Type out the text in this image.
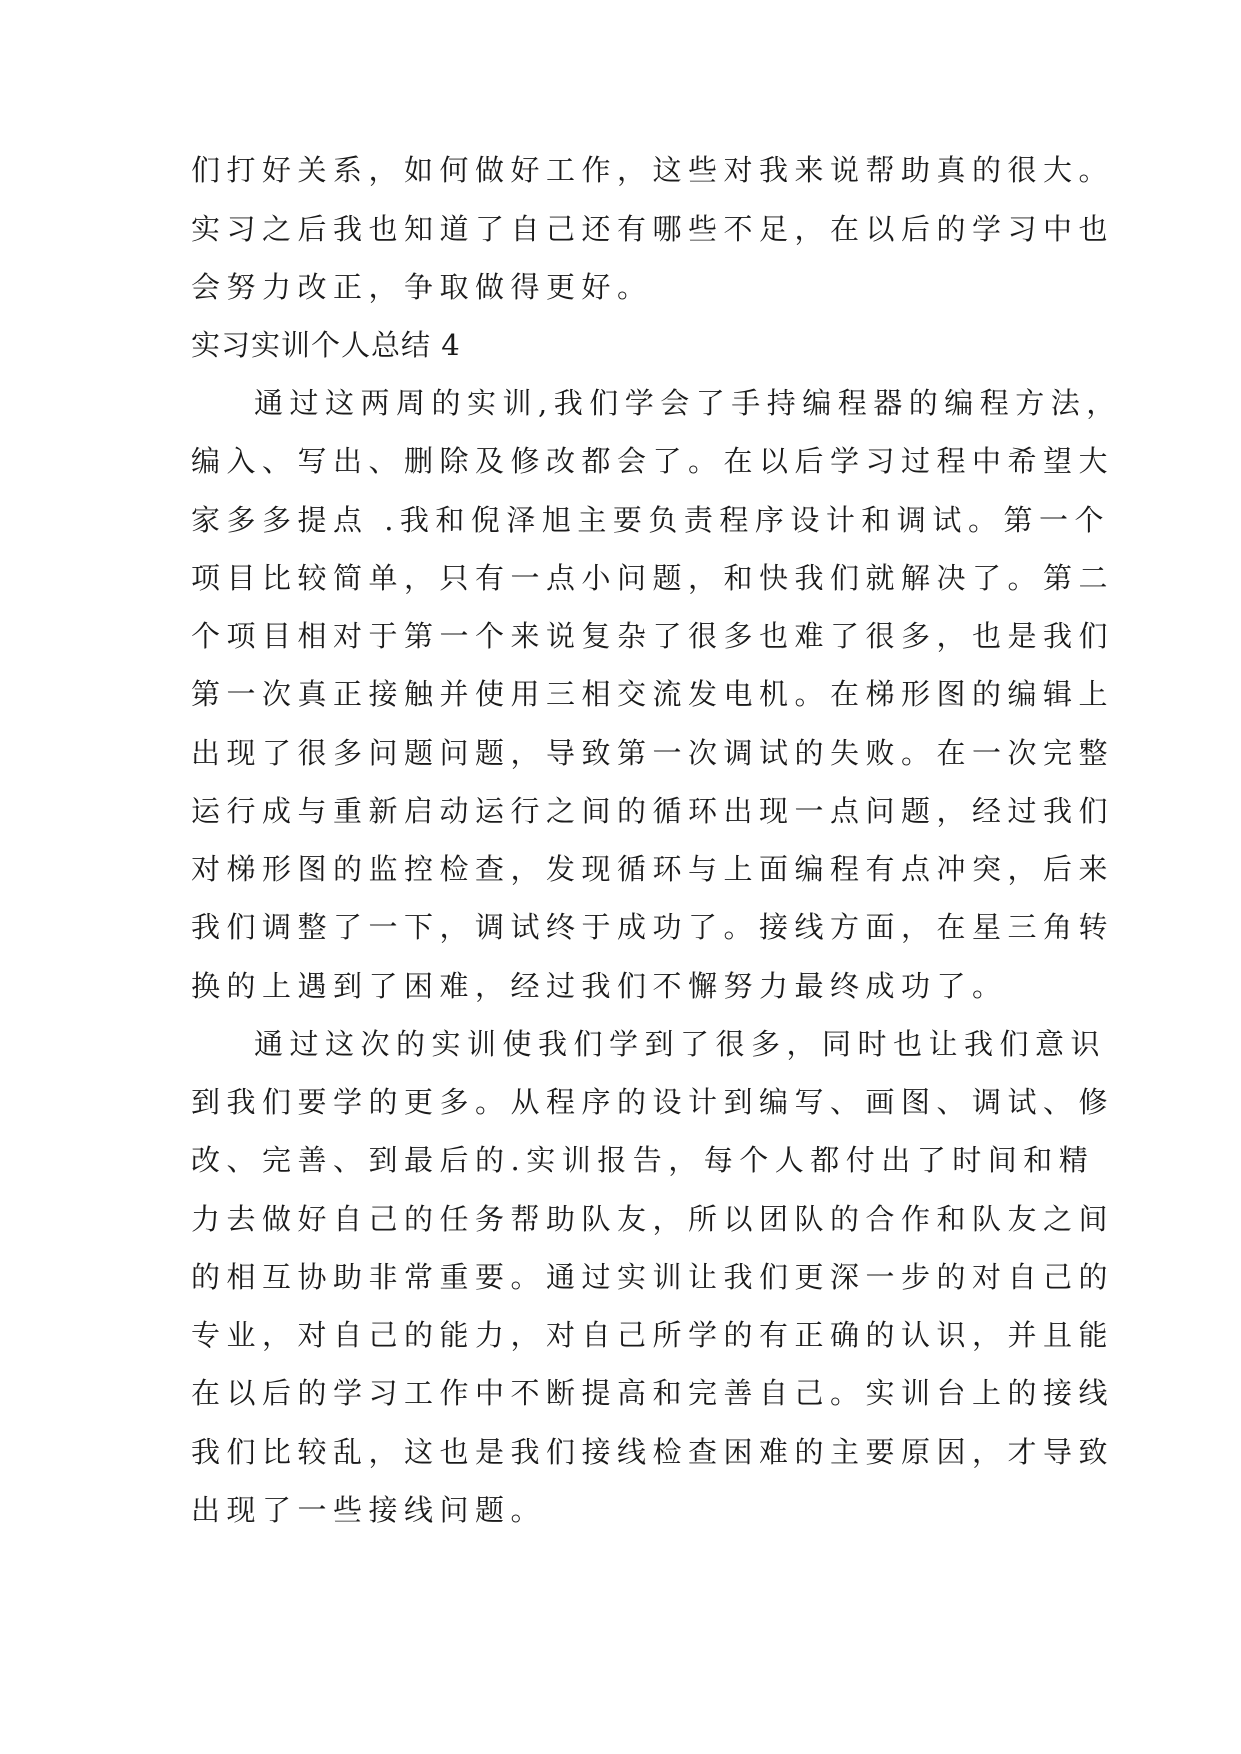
们打好关系，如何做好工作，这些对我来说帮助真的很大。
实习之后我也知道了自己还有哪些不足，在以后的学习中也
会努力改正，争取做得更好。
实习实训个人总结 4
通过这两周的实训,我们学会了手持编程器的编程方法，
编入、写出、删除及修改都会了。在以后学习过程中希望大
家多多提点 .我和倪泽旭主要负责程序设计和调试。第一个
项目比较简单，只有一点小问题，和快我们就解决了。第二
个项目相对于第一个来说复杂了很多也难了很多，也是我们
第一次真正接触并使用三相交流发电机。在梯形图的编辑上
出现了很多问题问题，导致第一次调试的失败。在一次完整
运行成与重新启动运行之间的循环出现一点问题，经过我们
对梯形图的监控检查，发现循环与上面编程有点冲突，后来
我们调整了一下，调试终于成功了。接线方面，在星三角转
换的上遇到了困难，经过我们不懈努力最终成功了。
通过这次的实训使我们学到了很多，同时也让我们意识
到我们要学的更多。从程序的设计到编写、画图、调试、修
改、完善、到最后的.实训报告，每个人都付出了时间和精
力去做好自己的任务帮助队友，所以团队的合作和队友之间
的相互协助非常重要。通过实训让我们更深一步的对自己的
专业，对自己的能力，对自己所学的有正确的认识，并且能
在以后的学习工作中不断提高和完善自己。实训台上的接线
我们比较乱，这也是我们接线检查困难的主要原因，才导致
出现了一些接线问题。
